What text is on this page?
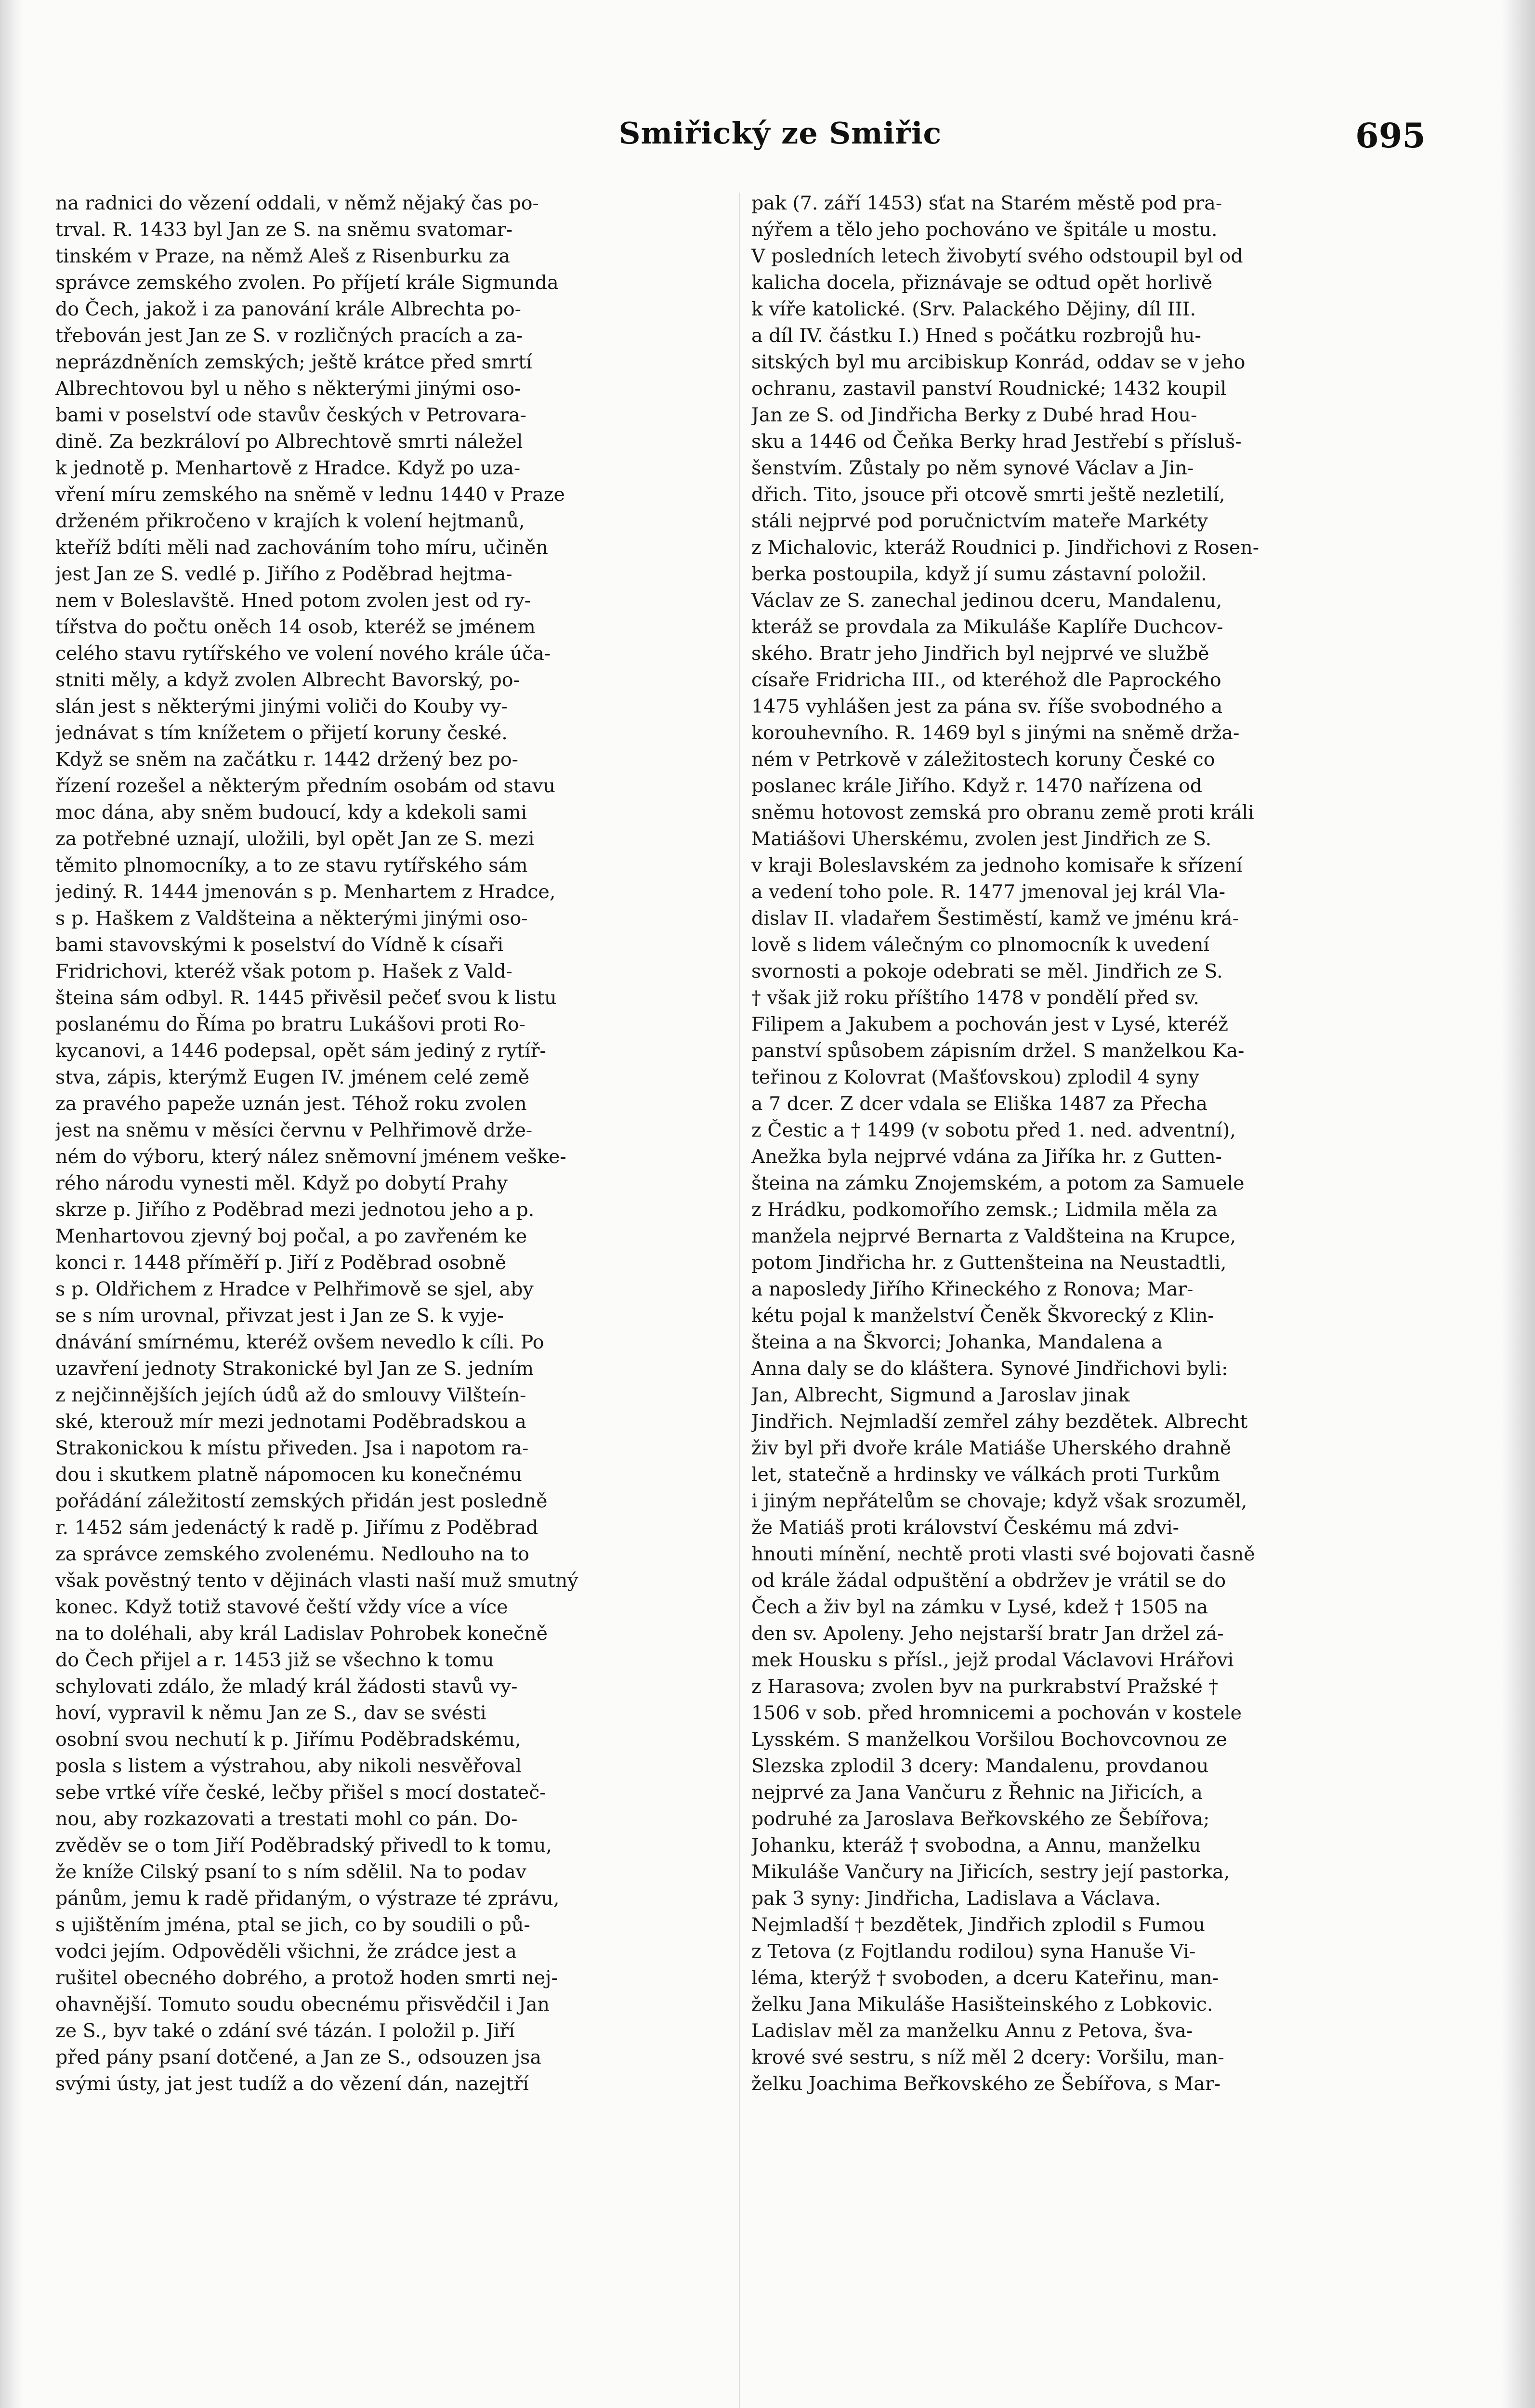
Smiřický ze Smiřic	695
na radnici do vězení oddali, v němž nějaký čas po-
trval. R. 1433 byl Jan ze S. na sněmu svatomar-
tinském v Praze, na němž Aleš z Risenburku za
správce zemského zvolen. Po příjetí krále Sigmunda
do Čech, jakož i za panování krále Albrechta po-
třebován jest Jan ze S. v rozličných pracích a za-
neprázdněních zemských; ještě krátce před smrtí
Albrechtovou byl u něho s některými jinými oso-
bami v poselství ode stavův českých v Petrovara-
dině. Za bezkráloví po Albrechtově smrti náležel
k jednotě p. Menhartově z Hradce. Když po uza-
vření míru zemského na sněmě v lednu 1440 v Praze
drženém přikročeno v krajích k volení hejtmanů,
kteříž bdíti měli nad zachováním toho míru, učiněn
jest Jan ze S. vedlé p. Jiřího z Poděbrad hejtma-
nem v Boleslavště. Hned potom zvolen jest od ry-
tířstva do počtu oněch 14 osob, kteréž se jménem
celého stavu rytířského ve volení nového krále úča-
stniti měly, a když zvolen Albrecht Bavorský, po-
slán jest s některými jinými voliči do Kouby vy-
jednávat s tím knížetem o přijetí koruny české.
Když se sněm na začátku r. 1442 držený bez po-
řízení rozešel a některým předním osobám od stavu
moc dána, aby sněm budoucí, kdy a kdekoli sami
za potřebné uznají, uložili, byl opět Jan ze S. mezi
těmito plnomocníky, a to ze stavu rytířského sám
jediný. R. 1444 jmenován s p. Menhartem z Hradce,
s p. Haškem z Valdšteina a některými jinými oso-
bami stavovskými k poselství do Vídně k císaři
Fridrichovi, kteréž však potom p. Hašek z Vald-
šteina sám odbyl. R. 1445 přivěsil pečeť svou k listu
poslanému do Říma po bratru Lukášovi proti Ro-
kycanovi, a 1446 podepsal, opět sám jediný z rytíř-
stva, zápis, kterýmž Eugen IV. jménem celé země
za pravého papeže uznán jest. Téhož roku zvolen
jest na sněmu v měsíci červnu v Pelhřimově drže-
ném do výboru, který nález sněmovní jménem veške-
rého národu vynesti měl. Když po dobytí Prahy
skrze p. Jiřího z Poděbrad mezi jednotou jeho a p.
Menhartovou zjevný boj počal, a po zavřeném ke
konci r. 1448 příměří p. Jiří z Poděbrad osobně
s p. Oldřichem z Hradce v Pelhřimově se sjel, aby
se s ním urovnal, přivzat jest i Jan ze S. k vyje-
dnávání smírnému, kteréž ovšem nevedlo k cíli. Po
uzavření jednoty Strakonické byl Jan ze S. jedním
z nejčinnějších jejích údů až do smlouvy Vilšteín-
ské, kterouž mír mezi jednotami Poděbradskou a
Strakonickou k místu přiveden. Jsa i napotom ra-
dou i skutkem platně nápomocen ku konečnému
pořádání záležitostí zemských přidán jest posledně
r. 1452 sám jedenáctý k radě p. Jiřímu z Poděbrad
za správce zemského zvolenému. Nedlouho na to
však pověstný tento v dějinách vlasti naší muž smutný
konec. Když totiž stavové čeští vždy více a více
na to doléhali, aby král Ladislav Pohrobek konečně
do Čech přijel a r. 1453 již se všechno k tomu
schylovati zdálo, že mladý král žádosti stavů vy-
hoví, vypravil k němu Jan ze S., dav se svésti
osobní svou nechutí k p. Jiřímu Poděbradskému,
posla s listem a výstrahou, aby nikoli nesvěřoval
sebe vrtké víře české, lečby přišel s mocí dostateč-
nou, aby rozkazovati a trestati mohl co pán. Do-
zvěděv se o tom Jiří Poděbradský přivedl to k tomu,
že kníže Cilský psaní to s ním sdělil. Na to podav
pánům, jemu k radě přidaným, o výstraze té zprávu,
s ujištěním jména, ptal se jich, co by soudili o pů-
vodci jejím. Odpověděli všichni, že zrádce jest a
rušitel obecného dobrého, a protož hoden smrti nej-
ohavnější. Tomuto soudu obecnému přisvědčil i Jan
ze S., byv také o zdání své tázán. I položil p. Jiří
před pány psaní dotčené, a Jan ze S., odsouzen jsa
svými ústy, jat jest tudíž a do vězení dán, nazejtří
pak (7. září 1453) sťat na Starém městě pod pra-
nýřem a tělo jeho pochováno ve špitále u mostu.
V posledních letech živobytí svého odstoupil byl od
kalicha docela, přiznávaje se odtud opět horlivě
k víře katolické. (Srv. Palackého Dějiny, díl III.
a díl IV. částku I.) Hned s počátku rozbrojů hu-
sitských byl mu arcibiskup Konrád, oddav se v jeho
ochranu, zastavil panství Roudnické; 1432 koupil
Jan ze S. od Jindřicha Berky z Dubé hrad Hou-
sku a 1446 od Čeňka Berky hrad Jestřebí s přísluš-
šenstvím. Zůstaly po něm synové Václav a Jin-
dřich. Tito, jsouce při otcově smrti ještě nezletilí,
stáli nejprvé pod poručnictvím mateře Markéty
z Michalovic, kteráž Roudnici p. Jindřichovi z Rosen-
berka postoupila, když jí sumu zástavní položil.
Václav ze S. zanechal jedinou dceru, Mandalenu,
kteráž se provdala za Mikuláše Kaplíře Duchcov-
ského. Bratr jeho Jindřich byl nejprvé ve službě
císaře Fridricha III., od kteréhož dle Paprockého
1475 vyhlášen jest za pána sv. říše svobodného a
korouhevního. R. 1469 byl s jinými na sněmě drža-
ném v Petrkově v záležitostech koruny České co
poslanec krále Jiřího. Když r. 1470 nařízena od
sněmu hotovost zemská pro obranu země proti králi
Matiášovi Uherskému, zvolen jest Jindřich ze S.
v kraji Boleslavském za jednoho komisaře k sřízení
a vedení toho pole. R. 1477 jmenoval jej král Vla-
dislav II. vladařem Šestiměstí, kamž ve jménu krá-
lově s lidem válečným co plnomocník k uvedení
svornosti a pokoje odebrati se měl. Jindřich ze S.
† však již roku příštího 1478 v pondělí před sv.
Filipem a Jakubem a pochován jest v Lysé, kteréž
panství spůsobem zápisním držel. S manželkou Ka-
teřinou z Kolovrat (Mašťovskou) zplodil 4 syny
a 7 dcer. Z dcer vdala se Eliška 1487 za Přecha
z Čestic a † 1499 (v sobotu před 1. ned. adventní),
Anežka byla nejprvé vdána za Jiříka hr. z Gutten-
šteina na zámku Znojemském, a potom za Samuele
z Hrádku, podkomořího zemsk.; Lidmila měla za
manžela nejprvé Bernarta z Valdšteina na Krupce,
potom Jindřicha hr. z Guttenšteina na Neustadtli,
a naposledy Jiřího Křineckého z Ronova; Mar-
kétu pojal k manželství Čeněk Škvorecký z Klin-
šteina a na Škvorci; Johanka, Mandalena a
Anna daly se do kláštera. Synové Jindřichovi byli:
Jan, Albrecht, Sigmund a Jaroslav jinak
Jindřich. Nejmladší zemřel záhy bezdětek. Albrecht
živ byl při dvoře krále Matiáše Uherského drahně
let, statečně a hrdinsky ve válkách proti Turkům
i jiným nepřátelům se chovaje; když však srozuměl,
že Matiáš proti království Českému má zdvi-
hnouti mínění, nechtě proti vlasti své bojovati časně
od krále žádal odpuštění a obdržev je vrátil se do
Čech a živ byl na zámku v Lysé, kdež † 1505 na
den sv. Apoleny. Jeho nejstarší bratr Jan držel zá-
mek Housku s přísl., jejž prodal Václavovi Hrářovi
z Harasova; zvolen byv na purkrabství Pražské †
1506 v sob. před hromnicemi a pochován v kostele
Lysském. S manželkou Voršilou Bochovcovnou ze
Slezska zplodil 3 dcery: Mandalenu, provdanou
nejprvé za Jana Vančuru z Řehnic na Jiřicích, a
podruhé za Jaroslava Beřkovského ze Šebířova;
Johanku, kteráž † svobodna, a Annu, manželku
Mikuláše Vančury na Jiřicích, sestry její pastorka,
pak 3 syny: Jindřicha, Ladislava a Václava.
Nejmladší † bezdětek, Jindřich zplodil s Fumou
z Tetova (z Fojtlandu rodilou) syna Hanuše Vi-
léma, kterýž † svoboden, a dceru Kateřinu, man-
želku Jana Mikuláše Hasišteinského z Lobkovic.
Ladislav měl za manželku Annu z Petova, šva-
krové své sestru, s níž měl 2 dcery: Voršilu, man-
želku Joachima Beřkovského ze Šebířova, s Mar-
